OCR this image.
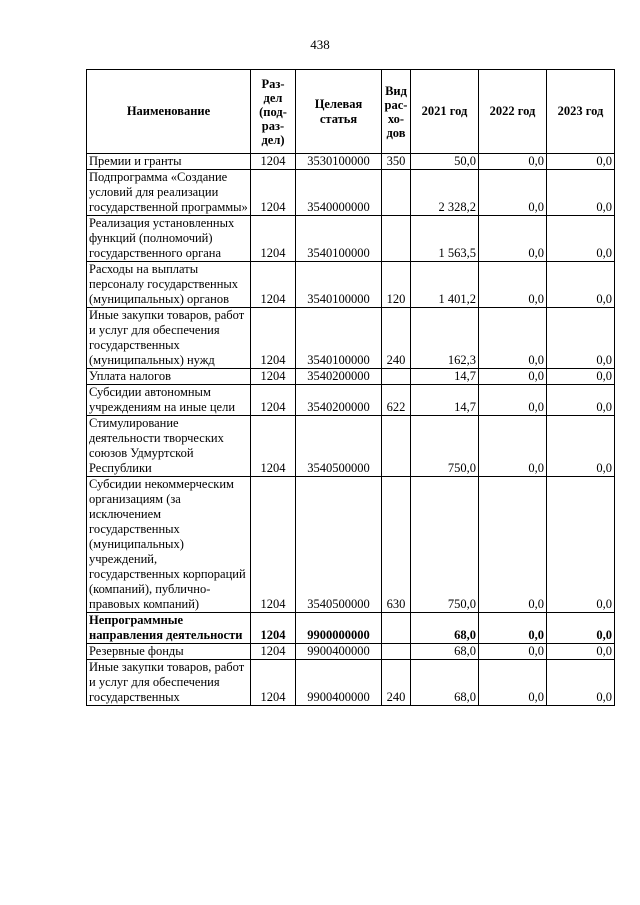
438
Наименование	Раз-
дел
(под-
раз-
дел)	Целевая
статья	Вид
рас-
хо-
дов	2021 год	2022 год	2023 год
Премии и гранты	1204	3530100000	350	50,0	0,0	0,0
Подпрограмма «Создание условий для реализации государственной программы»	1204	3540000000		2 328,2	0,0	0,0
Реализация установленных функций (полномочий) государственного органа	1204	3540100000		1 563,5	0,0	0,0
Расходы на выплаты персоналу государственных (муниципальных) органов	1204	3540100000	120	1 401,2	0,0	0,0
Иные закупки товаров, работ и услуг для обеспечения государственных (муниципальных) нужд	1204	3540100000	240	162,3	0,0	0,0
Уплата налогов	1204	3540200000		14,7	0,0	0,0
Субсидии автономным учреждениям на иные цели	1204	3540200000	622	14,7	0,0	0,0
Стимулирование деятельности творческих союзов Удмуртской Республики	1204	3540500000		750,0	0,0	0,0
Субсидии некоммерческим организациям (за исключением государственных (муниципальных) учреждений, государственных корпораций (компаний), публично-правовых компаний)	1204	3540500000	630	750,0	0,0	0,0
Непрограммные направления деятельности	1204	9900000000		68,0	0,0	0,0
Резервные фонды	1204	9900400000		68,0	0,0	0,0
Иные закупки товаров, работ и услуг для обеспечения государственных	1204	9900400000	240	68,0	0,0	0,0
